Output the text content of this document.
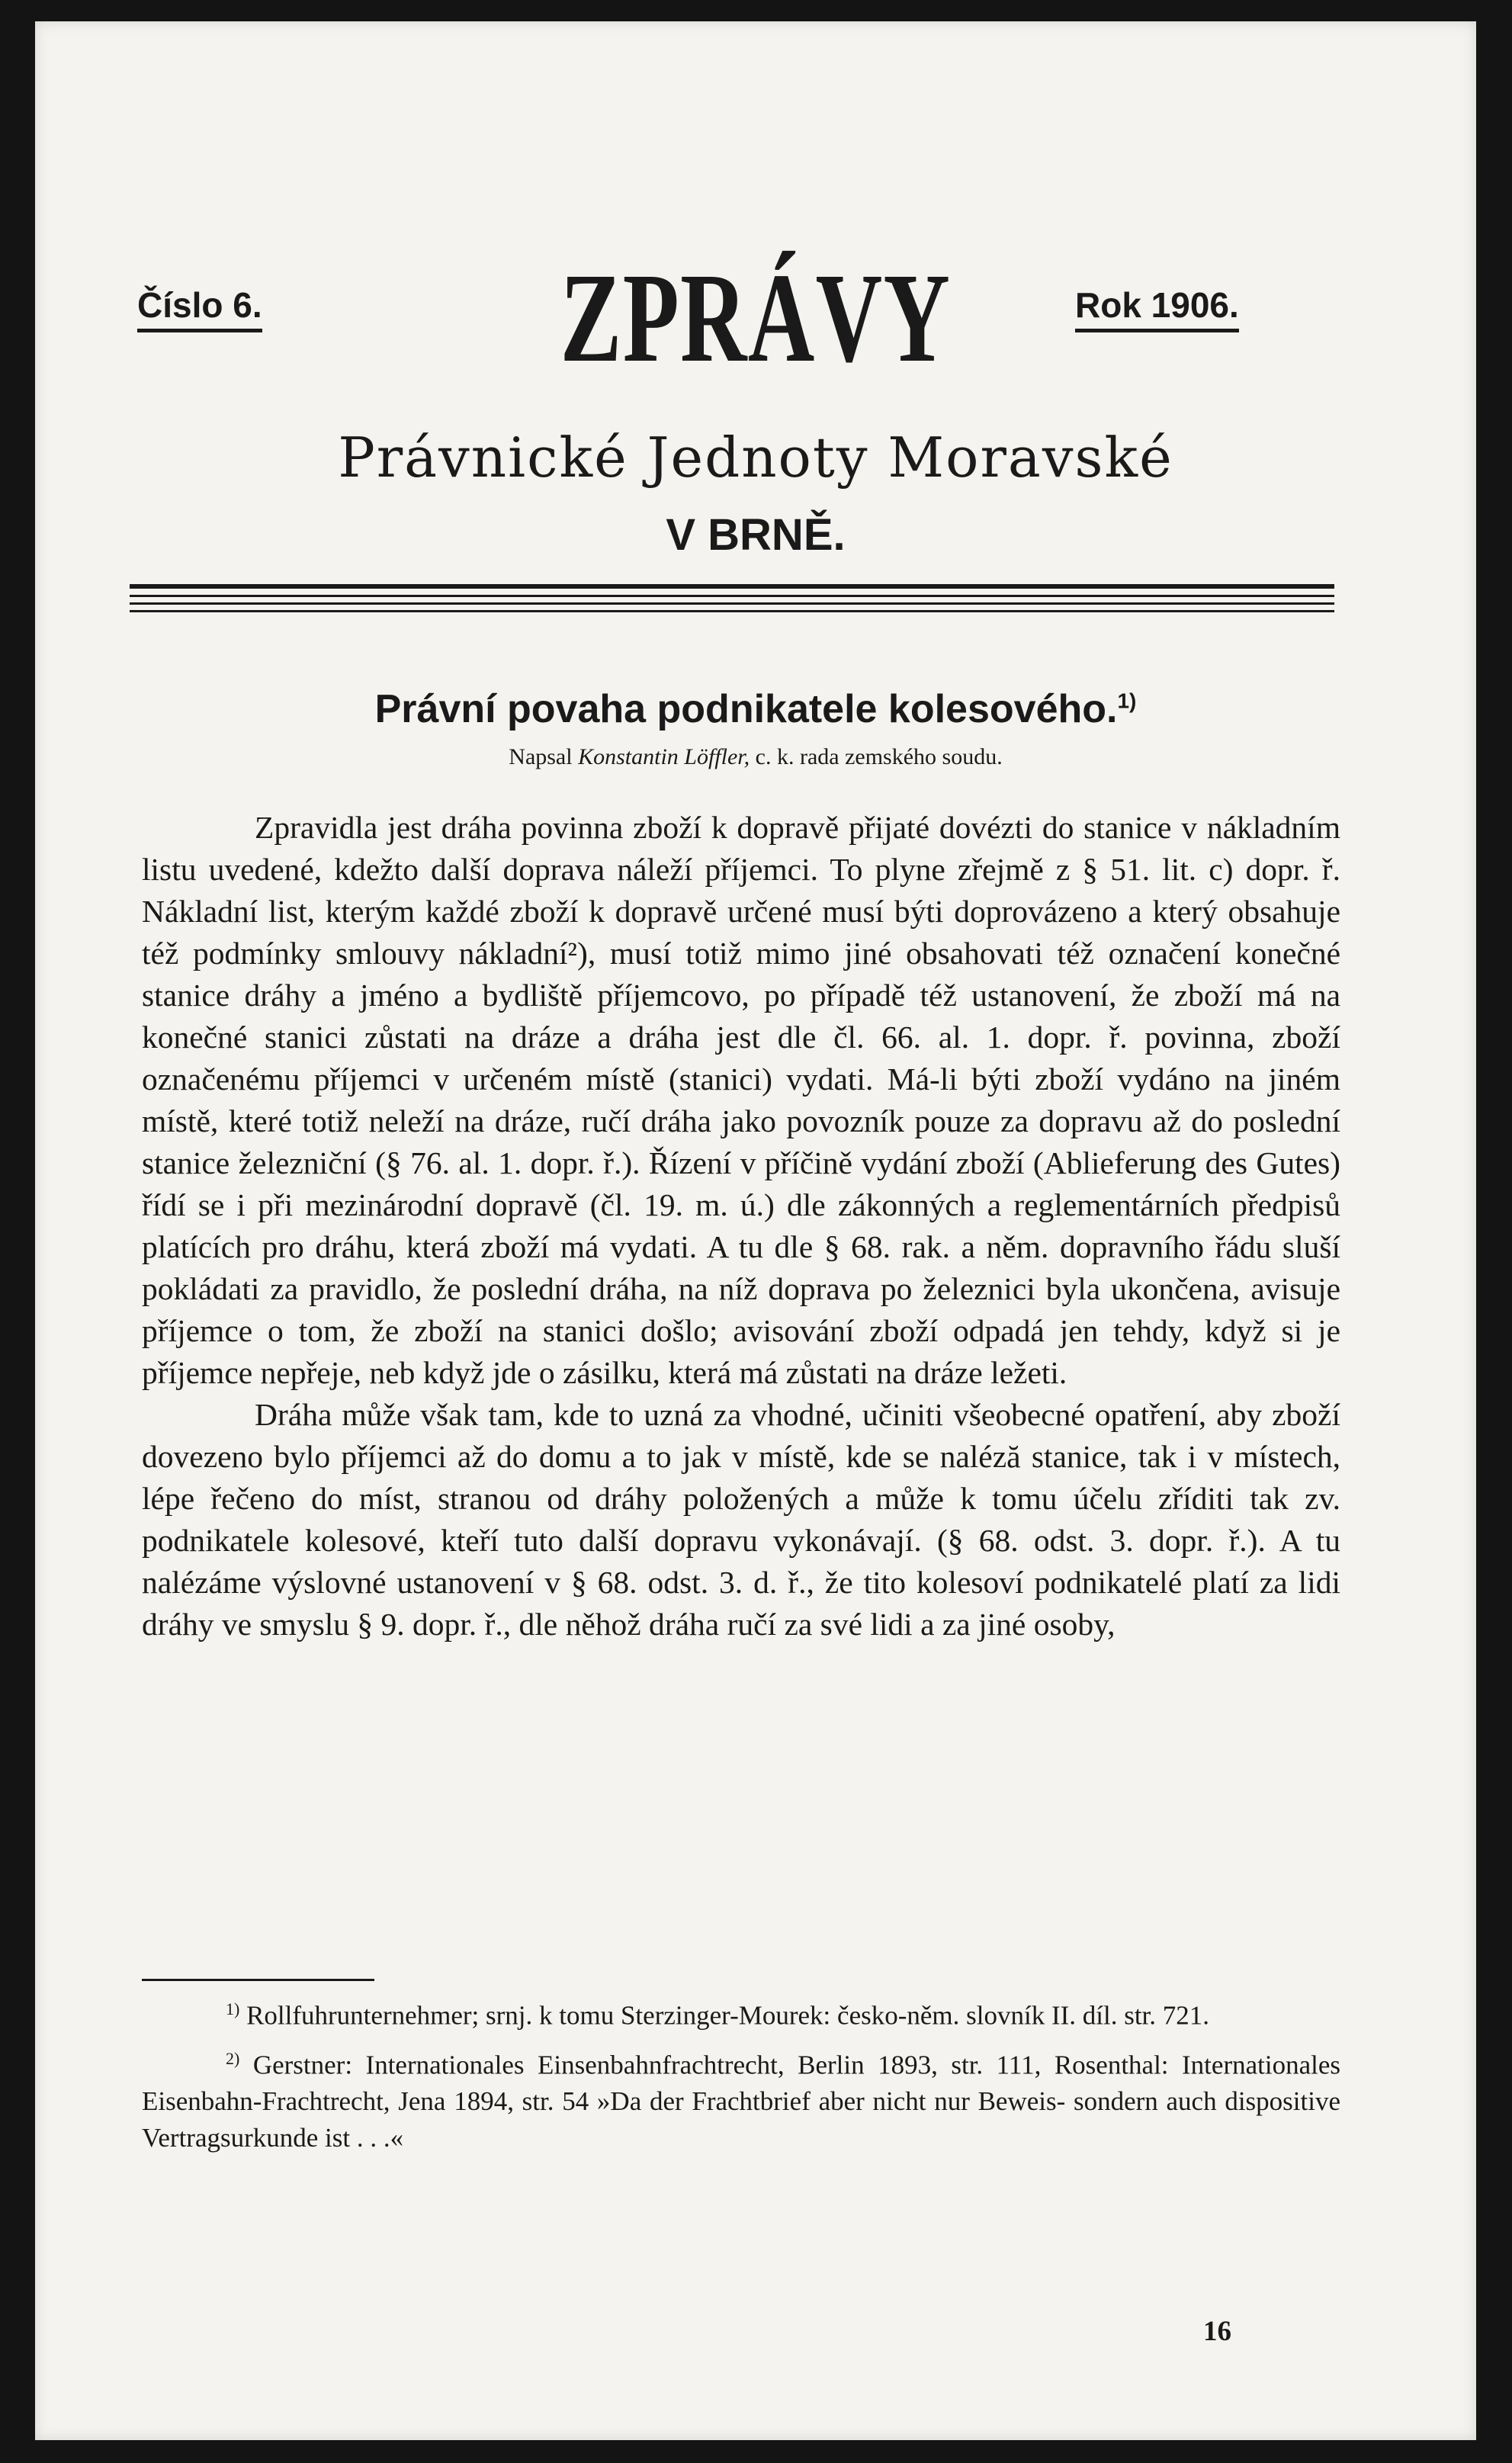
Číslo 6.	ZPRÁVY	Rok 1906.
Právnické Jednoty Moravské
V BRNĚ.
Právní povaha podnikatele kolesového.$^{1)}$
Napsal Konstantin Löffler, c. k. rada zemského soudu.

Zpravidla jest dráha povinna zboží k dopravě přijaté dovézti do stanice v nákladním listu uvedené, kdežto další doprava náleží příjemci. To plyne zřejmě z § 51. lit. c) dopr. ř. Nákladní list, kterým každé zboží k dopravě určené musí býti doprovázeno a který obsahuje též podmínky smlouvy nákladní²), musí totiž mimo jiné obsahovati též označení konečné stanice dráhy a jméno a bydliště příjemcovo, po případě též ustanovení, že zboží má na konečné stanici zůstati na dráze a dráha jest dle čl. 66. al. 1. dopr. ř. povinna, zboží označenému příjemci v určeném místě (stanici) vydati. Má-li býti zboží vydáno na jiném místě, které totiž neleží na dráze, ručí dráha jako povozník pouze za dopravu až do poslední stanice železniční (§ 76. al. 1. dopr. ř.). Řízení v příčině vydání zboží (Ablieferung des Gutes) řídí se i při mezinárodní dopravě (čl. 19. m. ú.) dle zákonných a reglementárních předpisů platících pro dráhu, která zboží má vydati. A tu dle § 68. rak. a něm. dopravního řádu sluší pokládati za pravidlo, že poslední dráha, na níž doprava po železnici byla ukončena, avisuje příjemce o tom, že zboží na stanici došlo; avisování zboží odpadá jen tehdy, když si je příjemce nepřeje, neb když jde o zásilku, která má zůstati na dráze ležeti.

Dráha může však tam, kde to uzná za vhodné, učiniti všeobecné opatření, aby zboží dovezeno bylo příjemci až do domu a to jak v místě, kde se naléză stanice, tak i v místech, lépe řečeno do míst, stranou od dráhy položených a může k tomu účelu zříditi tak zv. podnikatele kolesové, kteří tuto další dopravu vykonávají. (§ 68. odst. 3. dopr. ř.). A tu nalézáme výslovné ustanovení v § 68. odst. 3. d. ř., že tito kolesoví podnikatelé platí za lidi dráhy ve smyslu § 9. dopr. ř., dle něhož dráha ručí za své lidi a za jiné osoby,

$^{1)}$ Rollfuhrunternehmer; srnj. k tomu Sterzinger-Mourek: česko-něm. slovník II. díl. str. 721.

$^{2)}$ Gerstner: Internationales Einsenbahnfrachtrecht, Berlin 1893, str. 111, Rosenthal: Internationales Eisenbahn-Frachtrecht, Jena 1894, str. 54 »Da der Frachtbrief aber nicht nur Beweis- sondern auch dispositive Vertragsurkunde ist . . .«

16
